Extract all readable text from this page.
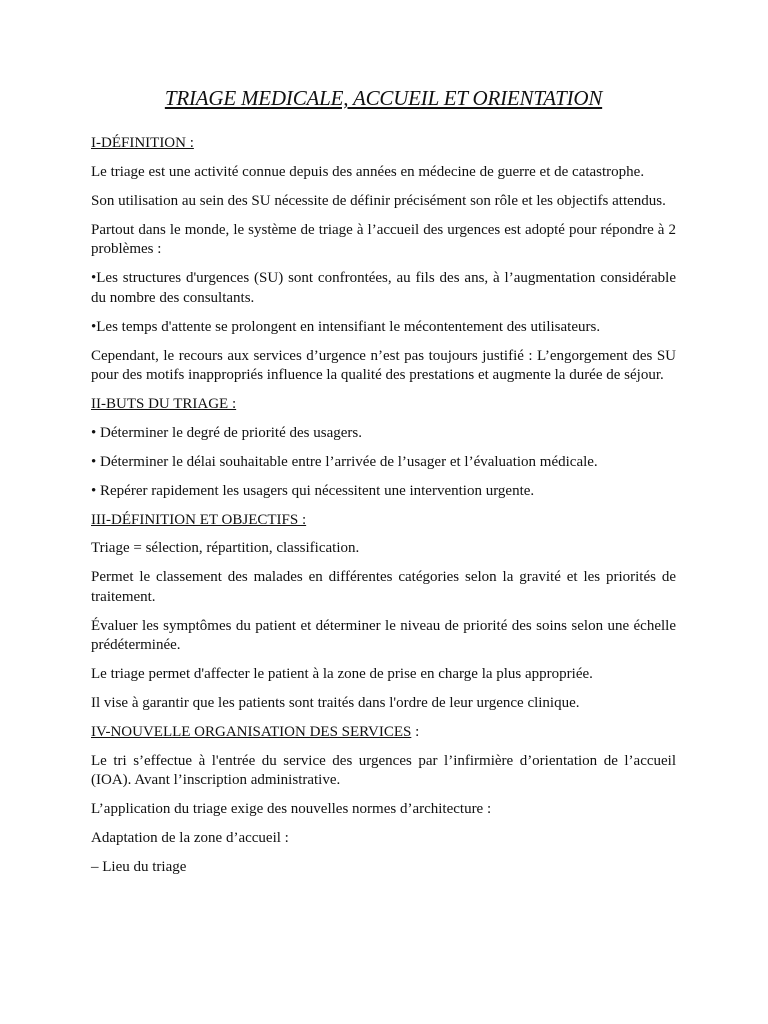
TRIAGE MEDICALE, ACCUEIL ET ORIENTATION
I-DÉFINITION :

Le triage est une activité connue depuis des années en médecine de guerre et de catastrophe.

Son utilisation au sein des SU nécessite de définir précisément son rôle et les objectifs attendus.

Partout dans le monde, le système de triage à l’accueil des urgences est adopté pour répondre à 2 problèmes :

•Les structures d'urgences (SU) sont confrontées, au fils des ans, à l’augmentation considérable du nombre des consultants.

•Les temps d'attente se prolongent en intensifiant le mécontentement des utilisateurs.

Cependant, le recours aux services d’urgence n’est pas toujours justifié : L’engorgement des SU pour des motifs inappropriés influence la qualité des prestations et augmente la durée de séjour.

II-BUTS DU TRIAGE :

• Déterminer le degré de priorité des usagers.

• Déterminer le délai souhaitable entre l’arrivée de l’usager et l’évaluation médicale.

• Repérer rapidement les usagers qui nécessitent une intervention urgente.

III-DÉFINITION ET OBJECTIFS :

Triage = sélection, répartition, classification.

Permet le classement des malades en différentes catégories selon la gravité et les priorités de traitement.

Évaluer les symptômes du patient et déterminer le niveau de priorité des soins selon une échelle prédéterminée.

Le triage permet d'affecter le patient à la zone de prise en charge la plus appropriée.

Il vise à garantir que les patients sont traités dans l'ordre de leur urgence clinique.

IV-NOUVELLE ORGANISATION DES SERVICES :

Le tri s’effectue à l'entrée du service des urgences par l’infirmière d’orientation de l’accueil (IOA). Avant l’inscription administrative.

L’application du triage exige des nouvelles normes d’architecture :

Adaptation de la zone d’accueil :

– Lieu du triage
